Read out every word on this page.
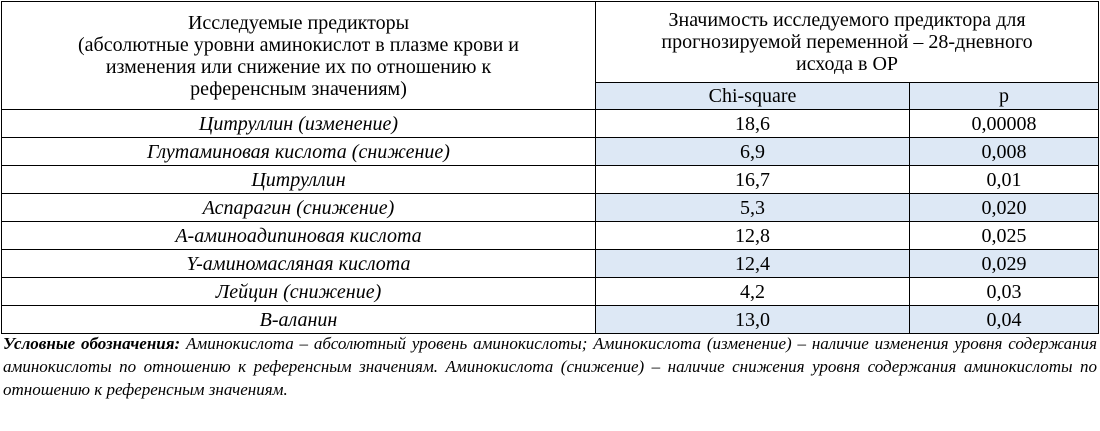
Исследуемые предикторы
(абсолютные уровни аминокислот в плазме крови и
изменения или снижение их по отношению к
референсным значениям)	Значимость исследуемого предиктора для
прогнозируемой переменной – 28-дневного
исхода в ОР	
	Chi-square	p
Цитруллин (изменение)	18,6	0,00008
Глутаминовая кислота (снижение)	6,9	0,008
Цитруллин	16,7	0,01
Аспарагин (снижение)	5,3	0,020
А-аминоадипиновая кислота	12,8	0,025
Υ-аминомасляная кислота	12,4	0,029
Лейцин (снижение)	4,2	0,03
В-аланин	13,0	0,04
Условные обозначения: Аминокислота – абсолютный уровень аминокислоты; Аминокислота (изменение) – наличие изменения уровня содержания аминокислоты по отношению к референсным значениям. Аминокислота (снижение) – наличие снижения уровня содержания аминокислоты по отношению к референсным значениям.
